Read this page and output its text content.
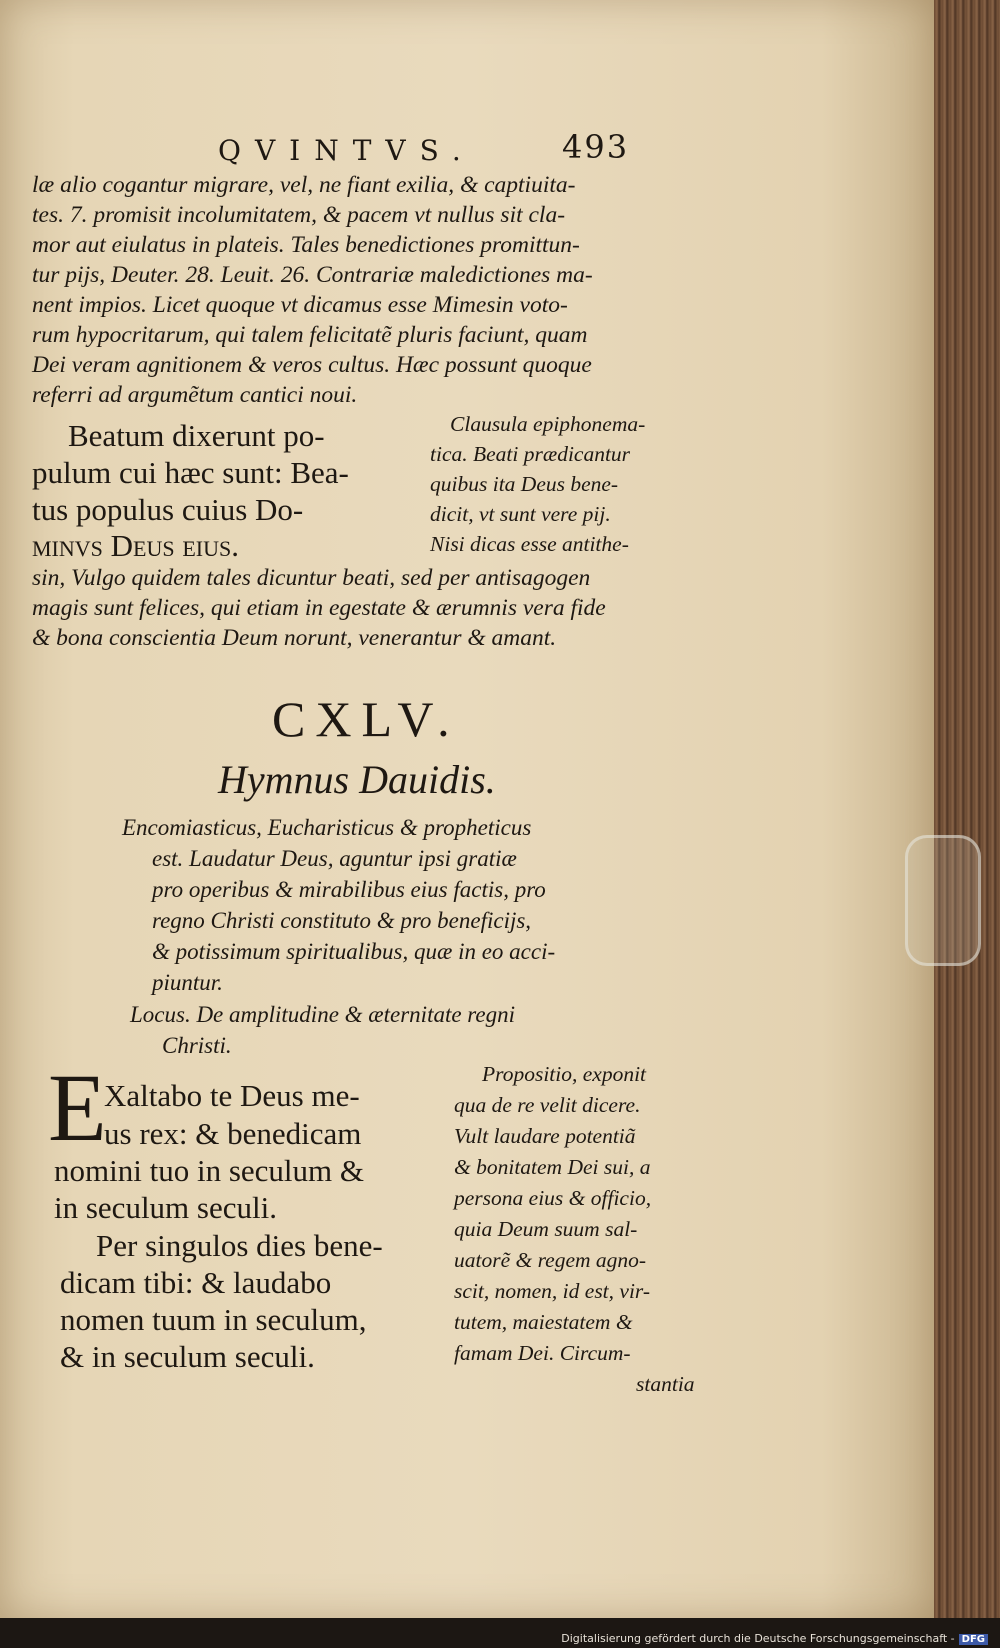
QVINTVS.	493
læ alio cogantur migrare, vel, ne fiant exilia, & captiuita-
tes. 7. promisit incolumitatem, & pacem vt nullus sit cla-
mor aut eiulatus in plateis. Tales benedictiones promittun-
tur pijs, Deuter. 28. Leuit. 26. Contrariæ maledictiones ma-
nent impios. Licet quoque vt dicamus esse Mimesin voto-
rum hypocritarum, qui talem felicitatẽ pluris faciunt, quam
Dei veram agnitionem & veros cultus. Hæc possunt quoque
referri ad argumẽtum cantici noui.
Beatum dixerunt po-
pulum cui hæc sunt: Bea-
tus populus cuius Do-
minvs Deus eius.
Clausula epiphonema-
tica. Beati prædicantur
quibus ita Deus bene-
dicit, vt sunt vere pij.
Nisi dicas esse antithe-
sin, Vulgo quidem tales dicuntur beati, sed per antisagogen
magis sunt felices, qui etiam in egestate & ærumnis vera fide
& bona conscientia Deum norunt, venerantur & amant.
CXLV.
Hymnus Dauidis.
Encomiasticus, Eucharisticus & propheticus
est. Laudatur Deus, aguntur ipsi gratiæ
pro operibus & mirabilibus eius factis, pro
regno Christi constituto & pro beneficijs,
& potissimum spiritualibus, quæ in eo acci-
piuntur.
Locus. De amplitudine & æternitate regni
Christi.
E
Xaltabo te Deus me-
us rex: & benedicam
nomini tuo in seculum &
in seculum seculi.
Per singulos dies bene-
dicam tibi: & laudabo
nomen tuum in seculum,
& in seculum seculi.
Propositio, exponit
qua de re velit dicere.
Vult laudare potentiã
& bonitatem Dei sui, a
persona eius & officio,
quia Deum suum sal-
uatorẽ & regem agno-
scit, nomen, id est, vir-
tutem, maiestatem &
famam Dei. Circum-
stantia
Digitalisierung gefördert durch die Deutsche Forschungsgemeinschaft - DFG
